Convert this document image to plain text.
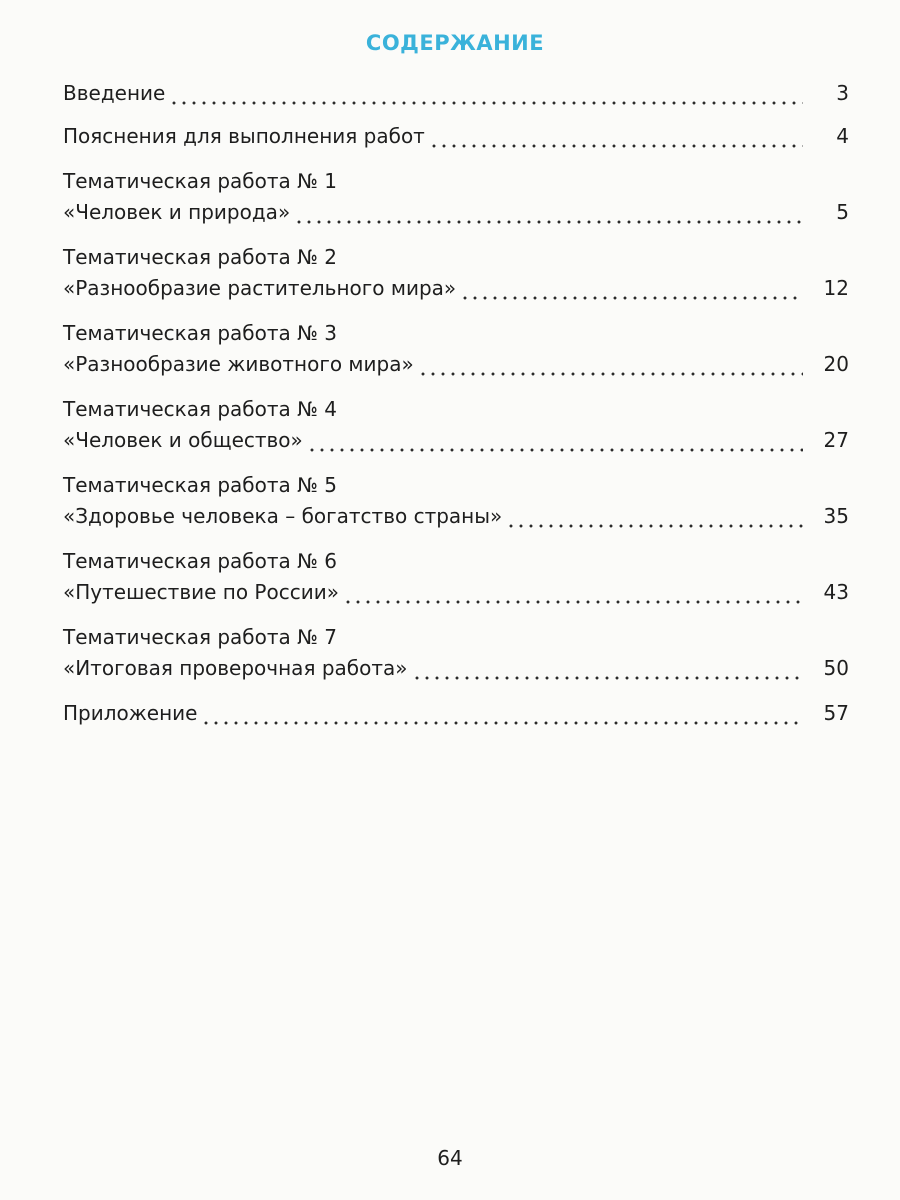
СОДЕРЖАНИЕ
Введение	3
Пояснения для выполнения работ	4
Тематическая работа № 1
«Человек и природа»	5
Тематическая работа № 2
«Разнообразие растительного мира»	12
Тематическая работа № 3
«Разнообразие животного мира»	20
Тематическая работа № 4
«Человек и общество»	27
Тематическая работа № 5
«Здоровье человека – богатство страны»	35
Тематическая работа № 6
«Путешествие по России»	43
Тематическая работа № 7
«Итоговая проверочная работа»	50
Приложение	57
64
